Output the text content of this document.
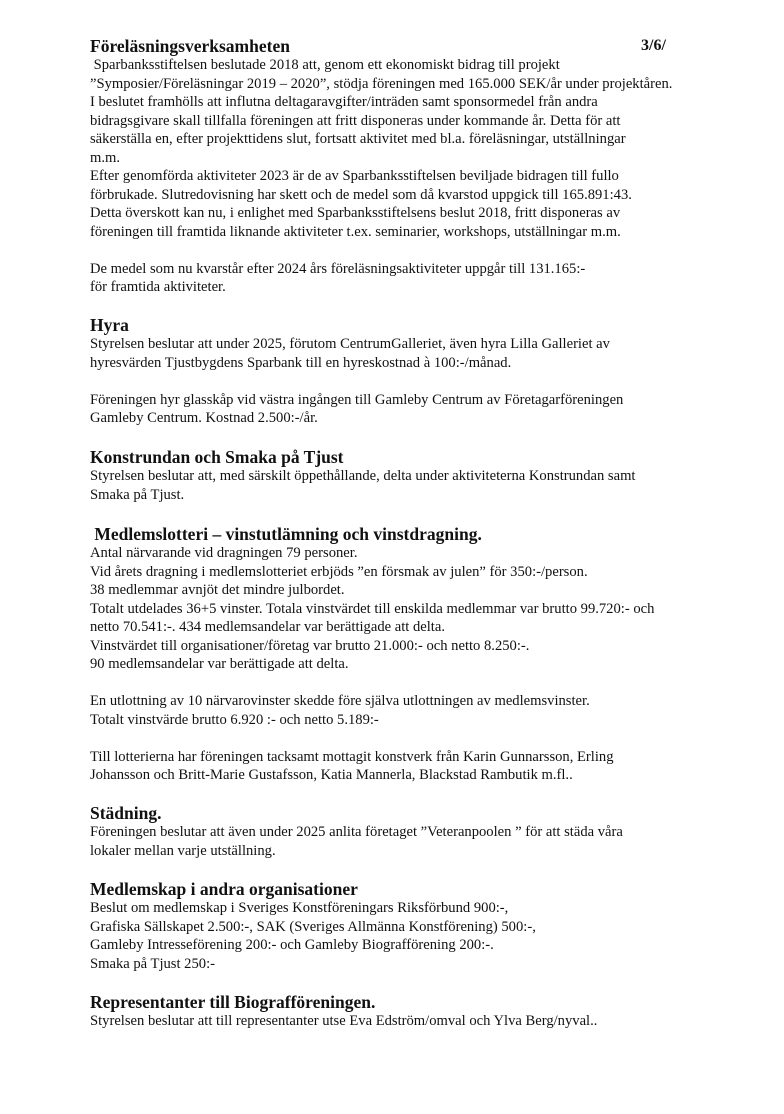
3/6/
Föreläsningsverksamheten

Sparbanksstiftelsen beslutade 2018 att, genom ett ekonomiskt bidrag till projekt

”Symposier/Föreläsningar 2019 – 2020”, stödja föreningen med 165.000 SEK/år under projektåren.

I beslutet framhölls att influtna deltagaravgifter/inträden samt sponsormedel från andra

bidragsgivare skall tillfalla föreningen att fritt disponeras under kommande år. Detta för att

säkerställa en, efter projekttidens slut, fortsatt aktivitet med bl.a. föreläsningar, utställningar

m.m.

Efter genomförda aktiviteter 2023 är de av Sparbanksstiftelsen beviljade bidragen till fullo

förbrukade. Slutredovisning har skett och de medel som då kvarstod uppgick till 165.891:43.

Detta överskott kan nu, i enlighet med Sparbanksstiftelsens beslut 2018, fritt disponeras av

föreningen till framtida liknande aktiviteter t.ex. seminarier, workshops, utställningar m.m.

De medel som nu kvarstår efter 2024 års föreläsningsaktiviteter uppgår till 131.165:-

för framtida aktiviteter.

Hyra

Styrelsen beslutar att under 2025, förutom CentrumGalleriet, även hyra Lilla Galleriet av

hyresvärden Tjustbygdens Sparbank till en hyreskostnad à 100:-/månad.

Föreningen hyr glasskåp vid västra ingången till Gamleby Centrum av Företagarföreningen

Gamleby Centrum. Kostnad 2.500:-/år.

Konstrundan och Smaka på Tjust

Styrelsen beslutar att, med särskilt öppethållande, delta under aktiviteterna Konstrundan samt

Smaka på Tjust.

Medlemslotteri – vinstutlämning och vinstdragning.

Antal närvarande vid dragningen 79 personer.

Vid årets dragning i medlemslotteriet erbjöds ”en försmak av julen” för 350:-/person.

38 medlemmar avnjöt det mindre julbordet.

Totalt utdelades 36+5 vinster. Totala vinstvärdet till enskilda medlemmar var brutto 99.720:- och

netto 70.541:-. 434 medlemsandelar var berättigade att delta.

Vinstvärdet till organisationer/företag var brutto 21.000:- och netto 8.250:-.

90 medlemsandelar var berättigade att delta.

En utlottning av 10 närvarovinster skedde före själva utlottningen av medlemsvinster.

Totalt vinstvärde brutto 6.920 :- och netto 5.189:-

Till lotterierna har föreningen tacksamt mottagit konstverk från Karin Gunnarsson, Erling

Johansson och Britt-Marie Gustafsson, Katia Mannerla, Blackstad Rambutik m.fl..

Städning.

Föreningen beslutar att även under 2025 anlita företaget ”Veteranpoolen ” för att städa våra

lokaler mellan varje utställning.

Medlemskap i andra organisationer

Beslut om medlemskap i Sveriges Konstföreningars Riksförbund 900:-,

Grafiska Sällskapet 2.500:-, SAK (Sveriges Allmänna Konstförening) 500:-,

Gamleby Intresseförening 200:- och Gamleby Biografförening 200:-.

Smaka på Tjust 250:-

Representanter till Biografföreningen.

Styrelsen beslutar att till representanter utse Eva Edström/omval och Ylva Berg/nyval..
